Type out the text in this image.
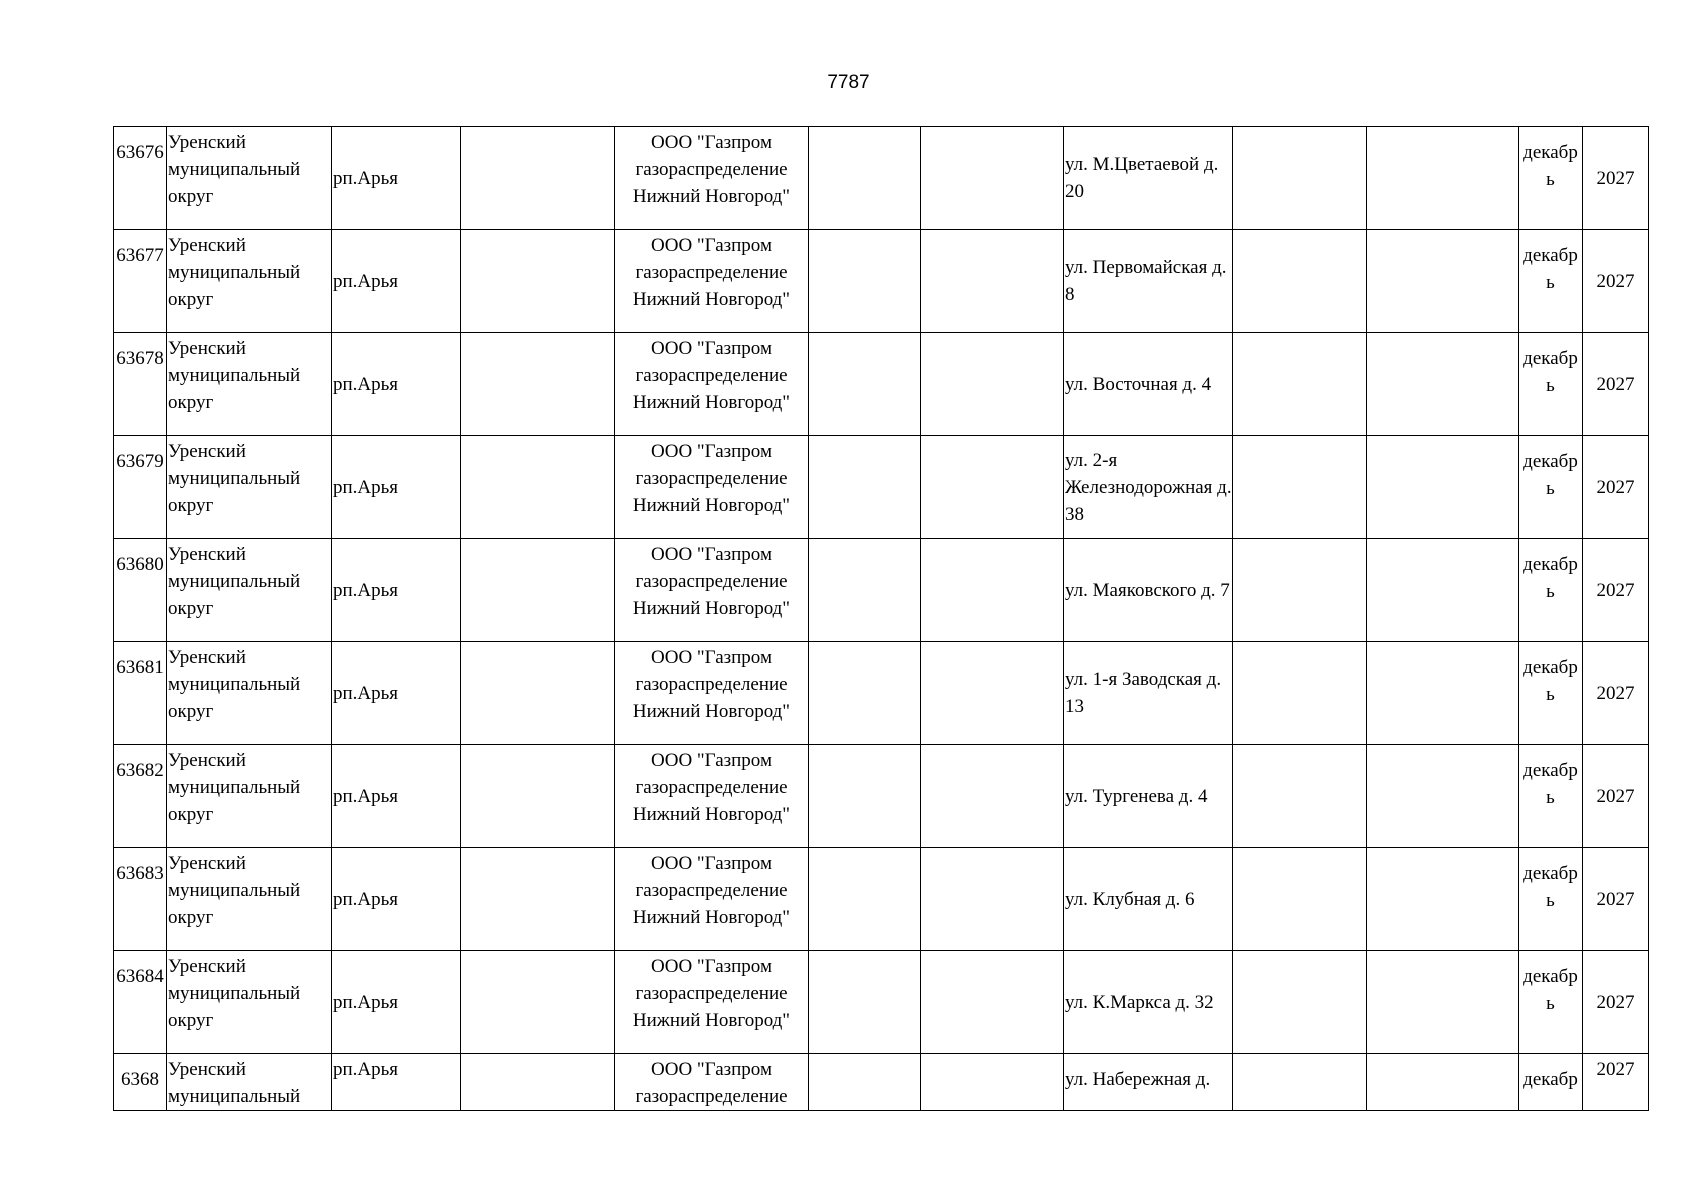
7787
63676	Уренский муниципальный округ	рп.Арья		ООО "Газпром газораспределение Нижний Новгород"			ул. М.Цветаевой д. 20			декабрь	2027
63677	Уренский муниципальный округ	рп.Арья		ООО "Газпром газораспределение Нижний Новгород"			ул. Первомайская д. 8			декабрь	2027
63678	Уренский муниципальный округ	рп.Арья		ООО "Газпром газораспределение Нижний Новгород"			ул. Восточная д. 4			декабрь	2027
63679	Уренский муниципальный округ	рп.Арья		ООО "Газпром газораспределение Нижний Новгород"			ул. 2-я Железнодорожная д. 38			декабрь	2027
63680	Уренский муниципальный округ	рп.Арья		ООО "Газпром газораспределение Нижний Новгород"			ул. Маяковского д. 7			декабрь	2027
63681	Уренский муниципальный округ	рп.Арья		ООО "Газпром газораспределение Нижний Новгород"			ул. 1-я Заводская д. 13			декабрь	2027
63682	Уренский муниципальный округ	рп.Арья		ООО "Газпром газораспределение Нижний Новгород"			ул. Тургенева д. 4			декабрь	2027
63683	Уренский муниципальный округ	рп.Арья		ООО "Газпром газораспределение Нижний Новгород"			ул. Клубная д. 6			декабрь	2027
63684	Уренский муниципальный округ	рп.Арья		ООО "Газпром газораспределение Нижний Новгород"			ул. К.Маркса д. 32			декабрь	2027
6368	Уренский муниципальный	рп.Арья		ООО "Газпром газораспределение			ул. Набережная д.			декабр	2027
